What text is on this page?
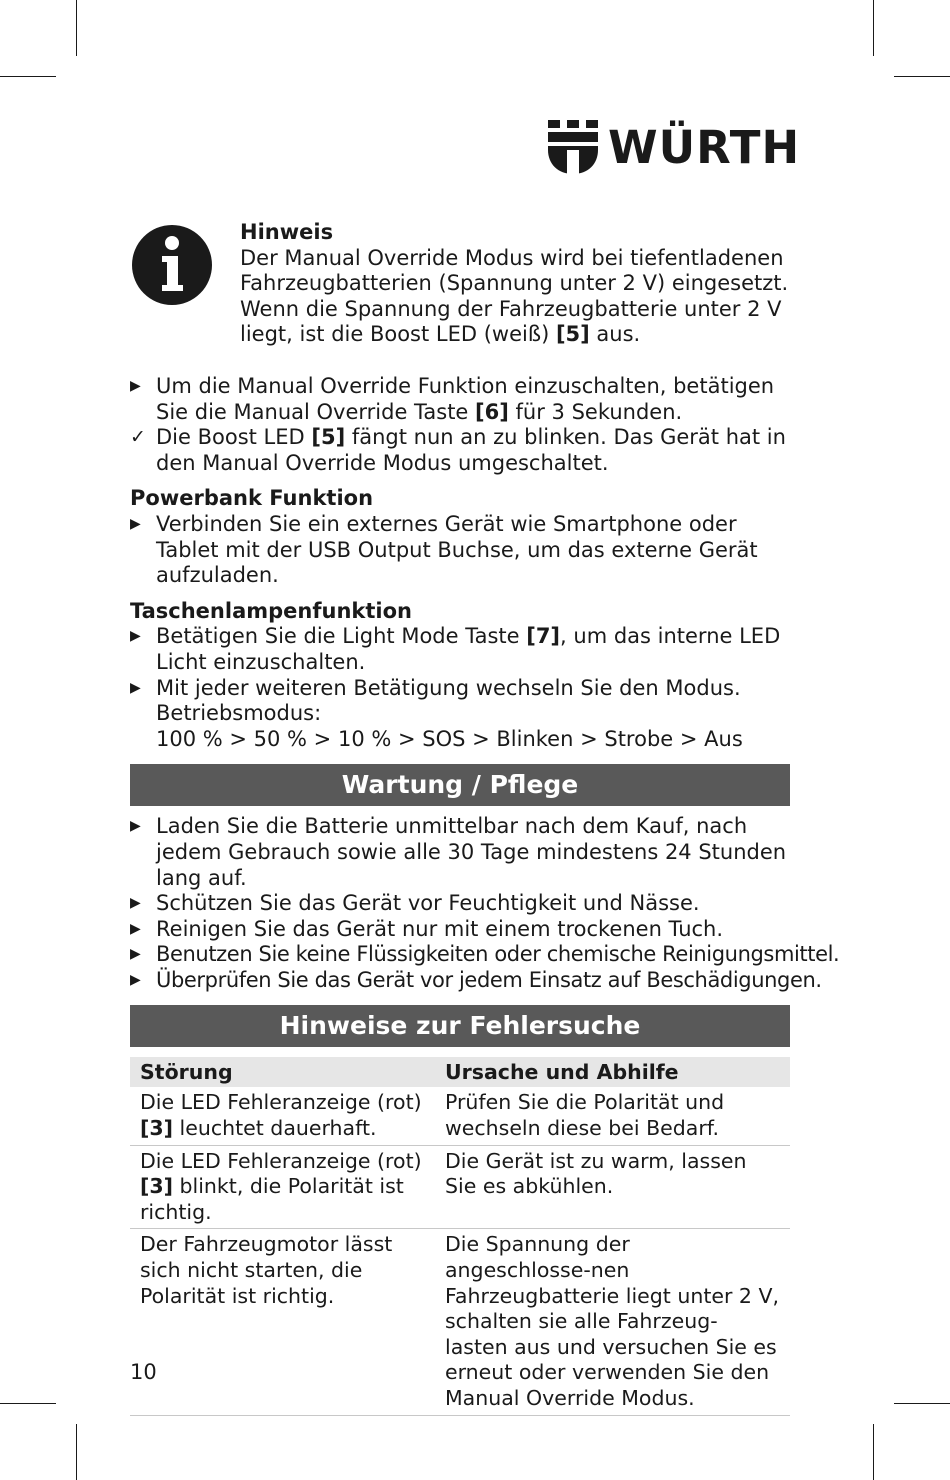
WÜRTH
Hinweis
Der Manual Override Modus wird bei tiefentladenen
Fahrzeugbatterien (Spannung unter 2 V) eingesetzt.
Wenn die Spannung der Fahrzeugbatterie unter 2 V
liegt, ist die Boost LED (weiß) [5] aus.
▶ Um die Manual Override Funktion einzuschalten, betätigen Sie die Manual Override Taste [6] für 3 Sekunden.
✓ Die Boost LED [5] fängt nun an zu blinken. Das Gerät hat in den Manual Override Modus umgeschaltet.
Powerbank Funktion
▶ Verbinden Sie ein externes Gerät wie Smartphone oder Tablet mit der USB Output Buchse, um das externe Gerät aufzuladen.
Taschenlampenfunktion
▶ Betätigen Sie die Light Mode Taste [7], um das interne LED Licht einzuschalten.
▶ Mit jeder weiteren Betätigung wechseln Sie den Modus.
Betriebsmodus:
100 % > 50 % > 10 % > SOS > Blinken > Strobe > Aus
Wartung / Pflege
▶ Laden Sie die Batterie unmittelbar nach dem Kauf, nach jedem Gebrauch sowie alle 30 Tage mindestens 24 Stunden lang auf.
▶ Schützen Sie das Gerät vor Feuchtigkeit und Nässe.
▶ Reinigen Sie das Gerät nur mit einem trockenen Tuch.
▶ Benutzen Sie keine Flüssigkeiten oder chemische Reinigungsmittel.
▶ Überprüfen Sie das Gerät vor jedem Einsatz auf Beschädigungen.
Hinweise zur Fehlersuche
Störung	Ursache und Abhilfe
Die LED Fehleranzeige (rot) [3] leuchtet dauerhaft.	Prüfen Sie die Polarität und wechseln diese bei Bedarf.
Die LED Fehleranzeige (rot) [3] blinkt, die Polarität ist richtig.	Die Gerät ist zu warm, lassen Sie es abkühlen.
Der Fahrzeugmotor lässt sich nicht starten, die Polarität ist richtig.	Die Spannung der angeschlosse-nen Fahrzeugbatterie liegt unter 2 V, schalten sie alle Fahrzeug-lasten aus und versuchen Sie es erneut oder verwenden Sie den Manual Override Modus.
10
